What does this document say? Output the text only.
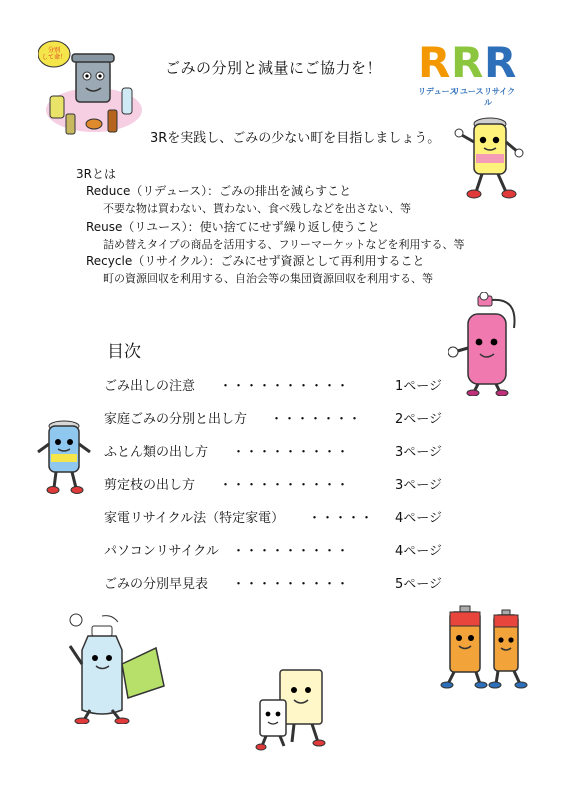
分別
して命！
ごみの分別と減量にご協力を！ R R R
リデュース
リユース リサイクル
3Rを実践し、ごみの少ない町を目指しましょう。
3Rとは
Reduce（リデュース）：ごみの排出を減らすこと
不要な物は買わない、貰わない、食べ残しなどを出さない、等
Reuse（リユース）：使い捨てにせず繰り返し使うこと
詰め替えタイプの商品を活用する、フリーマーケットなどを利用する、等
Recycle（リサイクル）：ごみにせず資源として再利用すること
町の資源回収を利用する、自治会等の集団資源回収を利用する、等
目次
ごみ出しの注意 ・・・・・・・・・・	1ページ
家庭ごみの分別と出し方 ・・・・・・・	2ページ
ふとん類の出し方 ・・・・・・・・・	3ページ
剪定枝の出し方 ・・・・・・・・・・	3ページ
家電リサイクル法（特定家電） ・・・・・ 4ページ
パソコンリサイクル ・・・・・・・・・	4ページ
ごみの分別早見表 ・・・・・・・・・	5ページ
